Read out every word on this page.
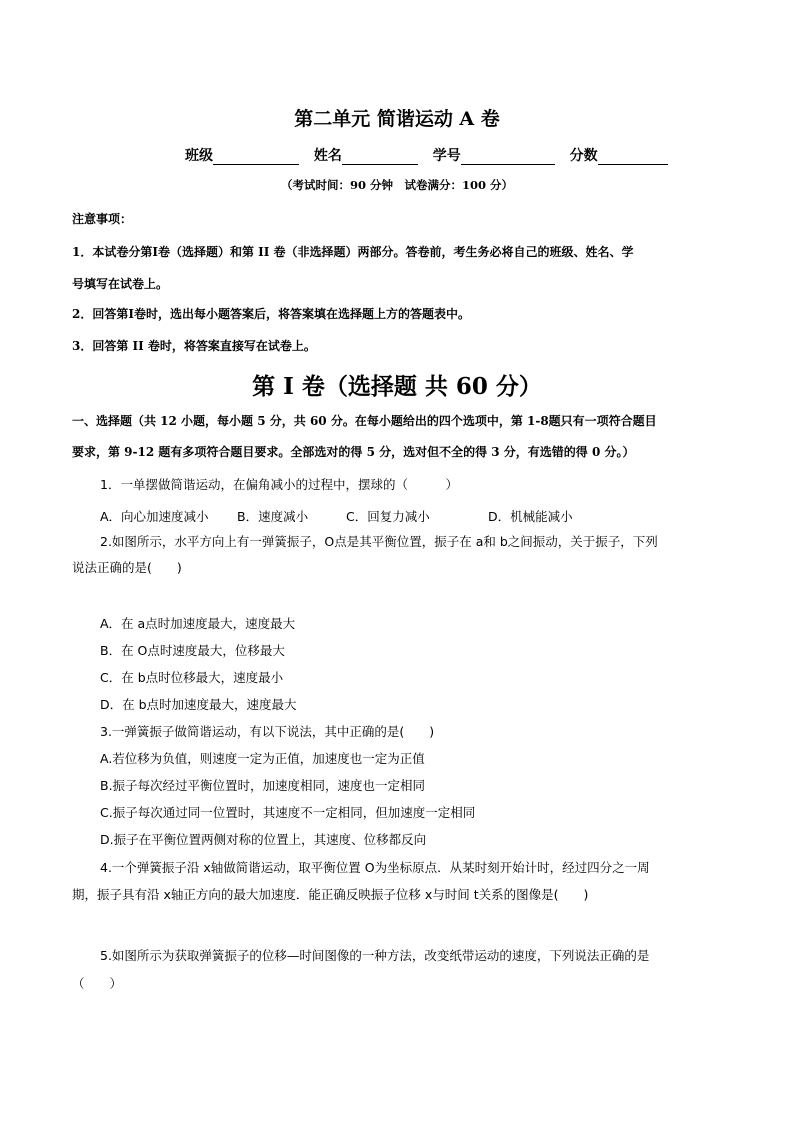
第二单元 简谐运动 A 卷
班级	姓名	学号	分数
（考试时间：90 分钟　试卷满分：100 分）
注意事项：
1．本试卷分第Ⅰ卷（选择题）和第 II 卷（非选择题）两部分。答卷前，考生务必将自己的班级、姓名、学
号填写在试卷上。
2．回答第Ⅰ卷时，选出每小题答案后，将答案填在选择题上方的答题表中。
3．回答第 II 卷时，将答案直接写在试卷上。
第 I 卷（选择题 共 60 分）
一、选择题（共 12 小题，每小题 5 分，共 60 分。在每小题给出的四个选项中，第 1-8题只有一项符合题目
要求，第 9-12 题有多项符合题目要求。全部选对的得 5 分，选对但不全的得 3 分，有选错的得 0 分。）
1．一单摆做简谐运动，在偏角减小的过程中，摆球的（　　　）
A．向心加速度减小 B．速度减小	C．回复力减小	D．机械能减小
2.如图所示，水平方向上有一弹簧振子，O点是其平衡位置，振子在 a和 b之间振动，关于振子，下列
说法正确的是(　　)
A．在 a点时加速度最大，速度最大
B．在 O点时速度最大，位移最大
C．在 b点时位移最大，速度最小
D．在 b点时加速度最大，速度最大
3.一弹簧振子做简谐运动，有以下说法，其中正确的是(　　)
A.若位移为负值，则速度一定为正值，加速度也一定为正值
B.振子每次经过平衡位置时，加速度相同，速度也一定相同
C.振子每次通过同一位置时，其速度不一定相同，但加速度一定相同
D.振子在平衡位置两侧对称的位置上，其速度、位移都反向
4.一个弹簧振子沿 x轴做简谐运动，取平衡位置 O为坐标原点．从某时刻开始计时，经过四分之一周
期，振子具有沿 x轴正方向的最大加速度．能正确反映振子位移 x与时间 t关系的图像是(　　)
5.如图所示为获取弹簧振子的位移—时间图像的一种方法，改变纸带运动的速度，下列说法正确的是
（　　）
